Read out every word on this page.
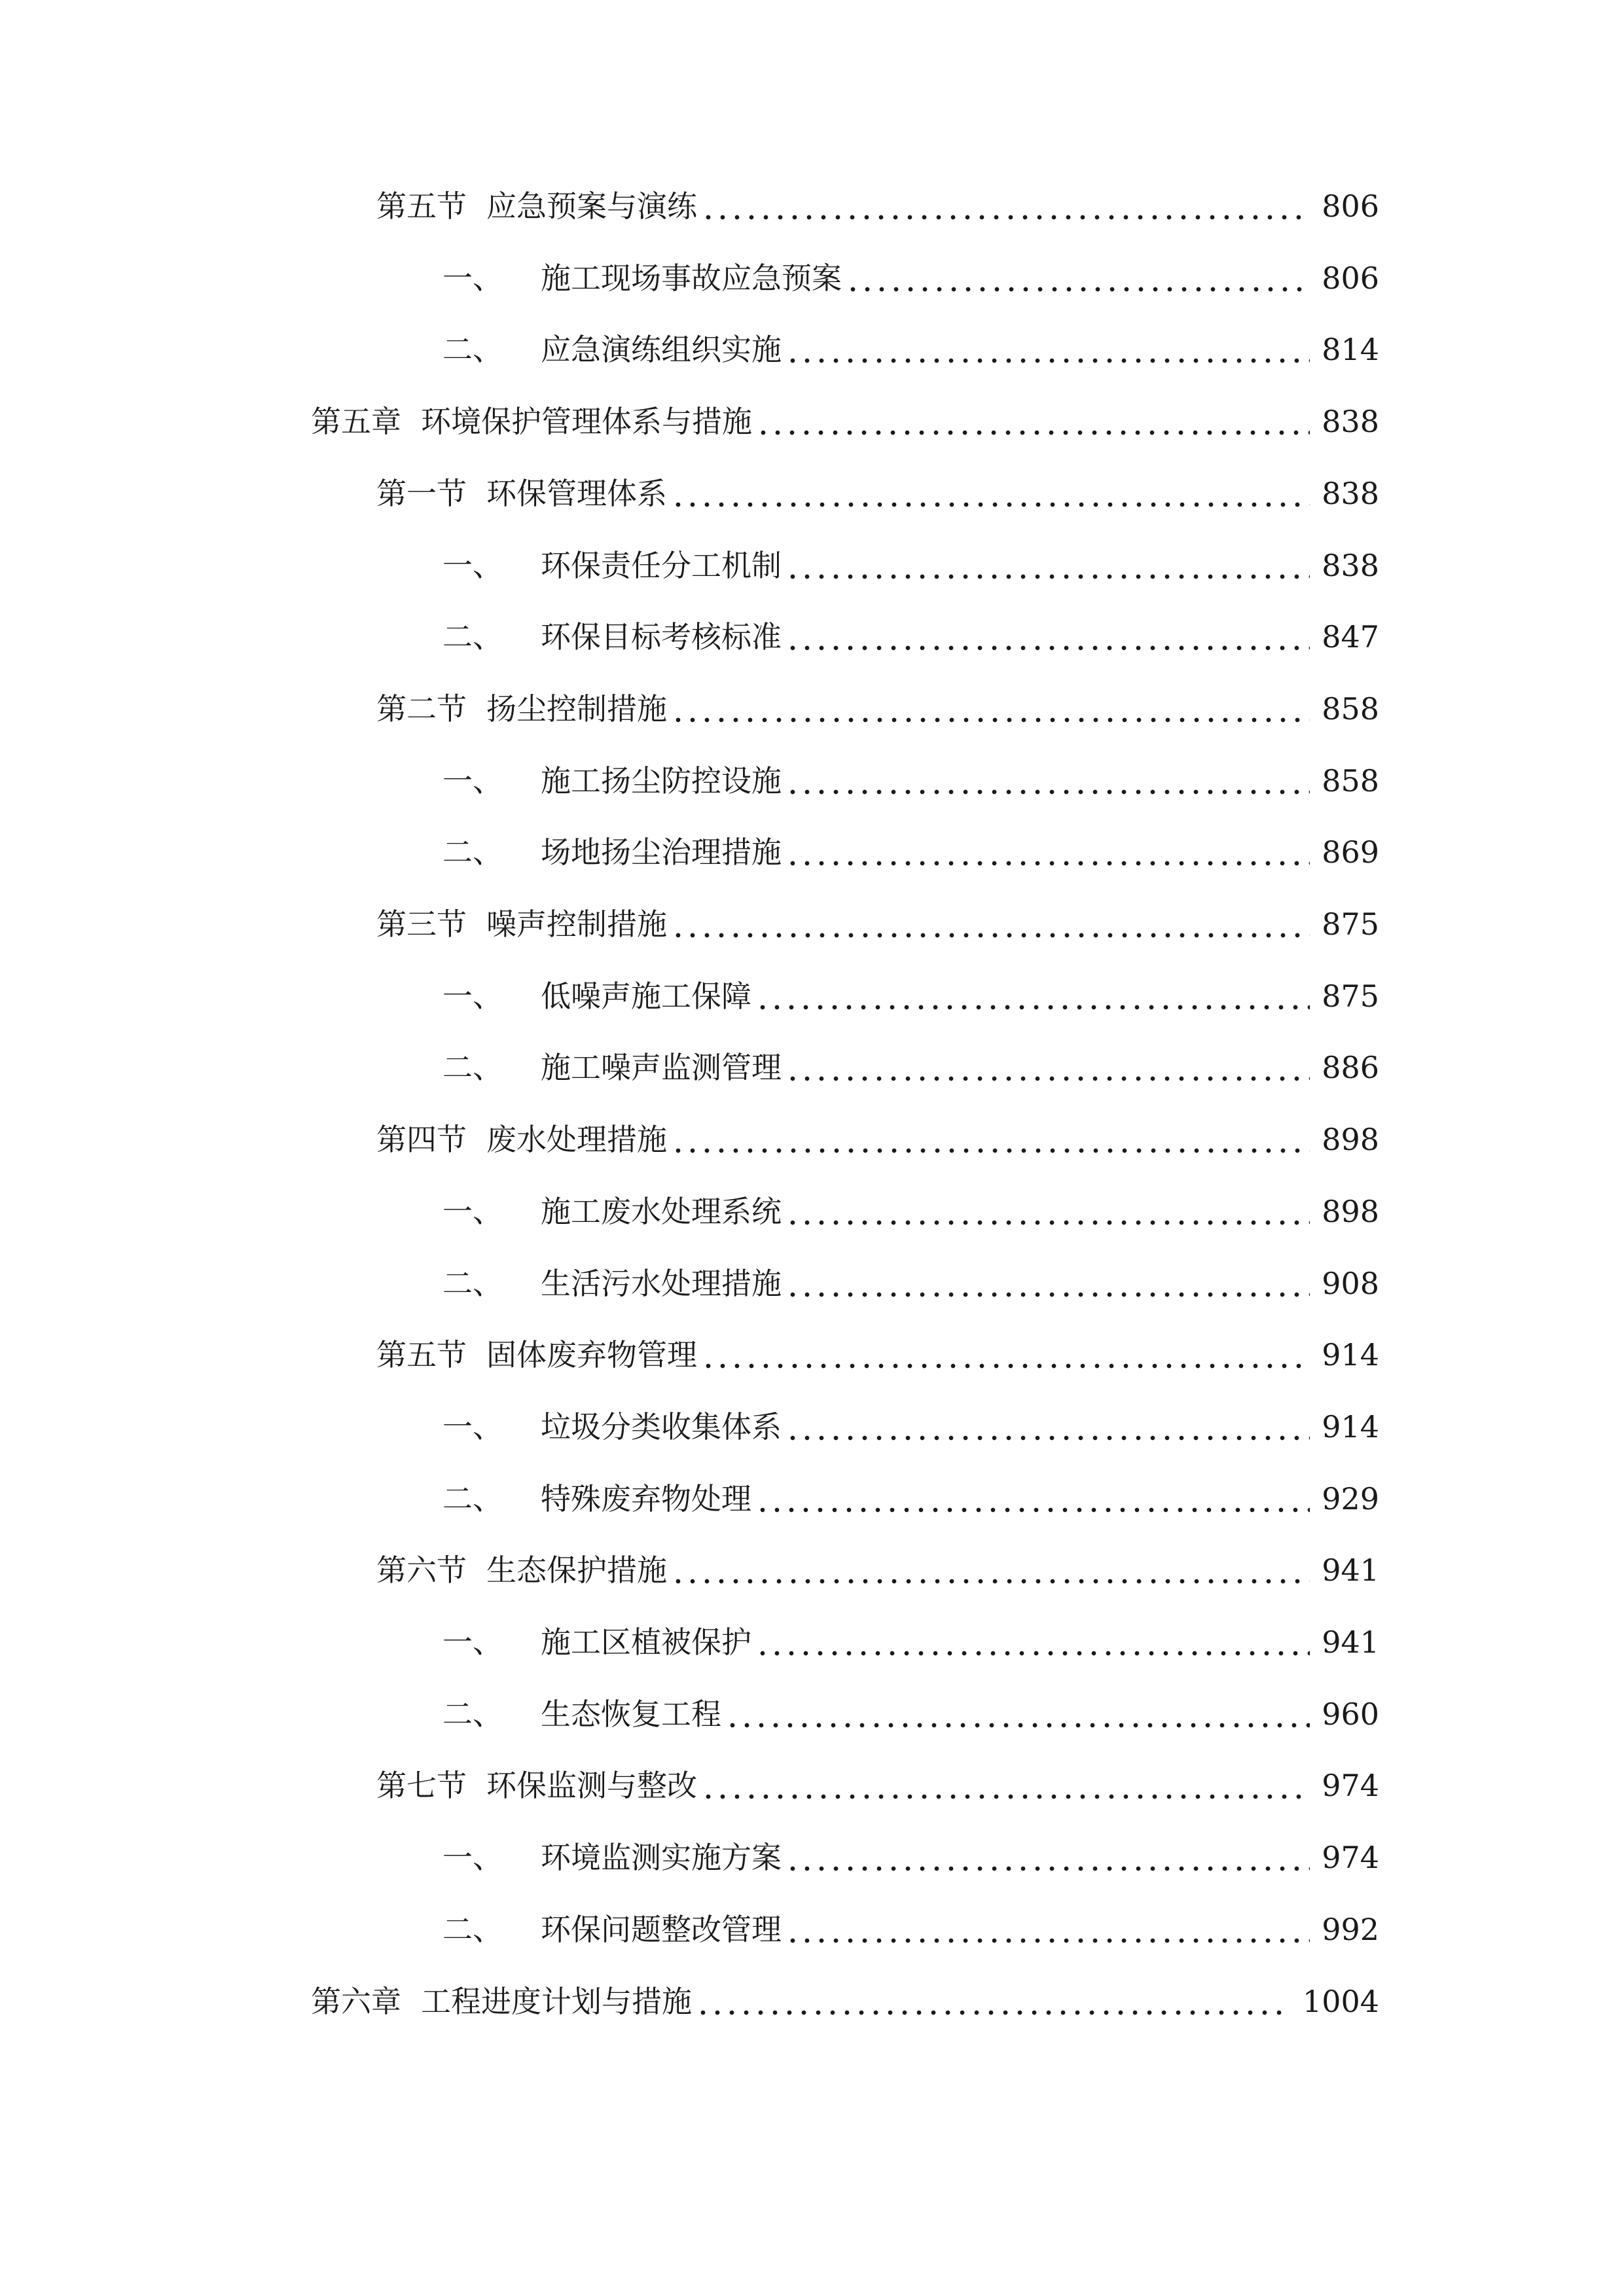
第五节 应急预案与演练	806
一、 施工现场事故应急预案	806
二、 应急演练组织实施	814
第五章 环境保护管理体系与措施	838
第一节 环保管理体系	838
一、 环保责任分工机制	838
二、 环保目标考核标准	847
第二节 扬尘控制措施	858
一、 施工扬尘防控设施	858
二、 场地扬尘治理措施	869
第三节 噪声控制措施	875
一、 低噪声施工保障	875
二、 施工噪声监测管理	886
第四节 废水处理措施	898
一、 施工废水处理系统	898
二、 生活污水处理措施	908
第五节 固体废弃物管理	914
一、 垃圾分类收集体系	914
二、 特殊废弃物处理	929
第六节 生态保护措施	941
一、 施工区植被保护	941
二、 生态恢复工程	960
第七节 环保监测与整改	974
一、 环境监测实施方案	974
二、 环保问题整改管理	992
第六章 工程进度计划与措施	1004
